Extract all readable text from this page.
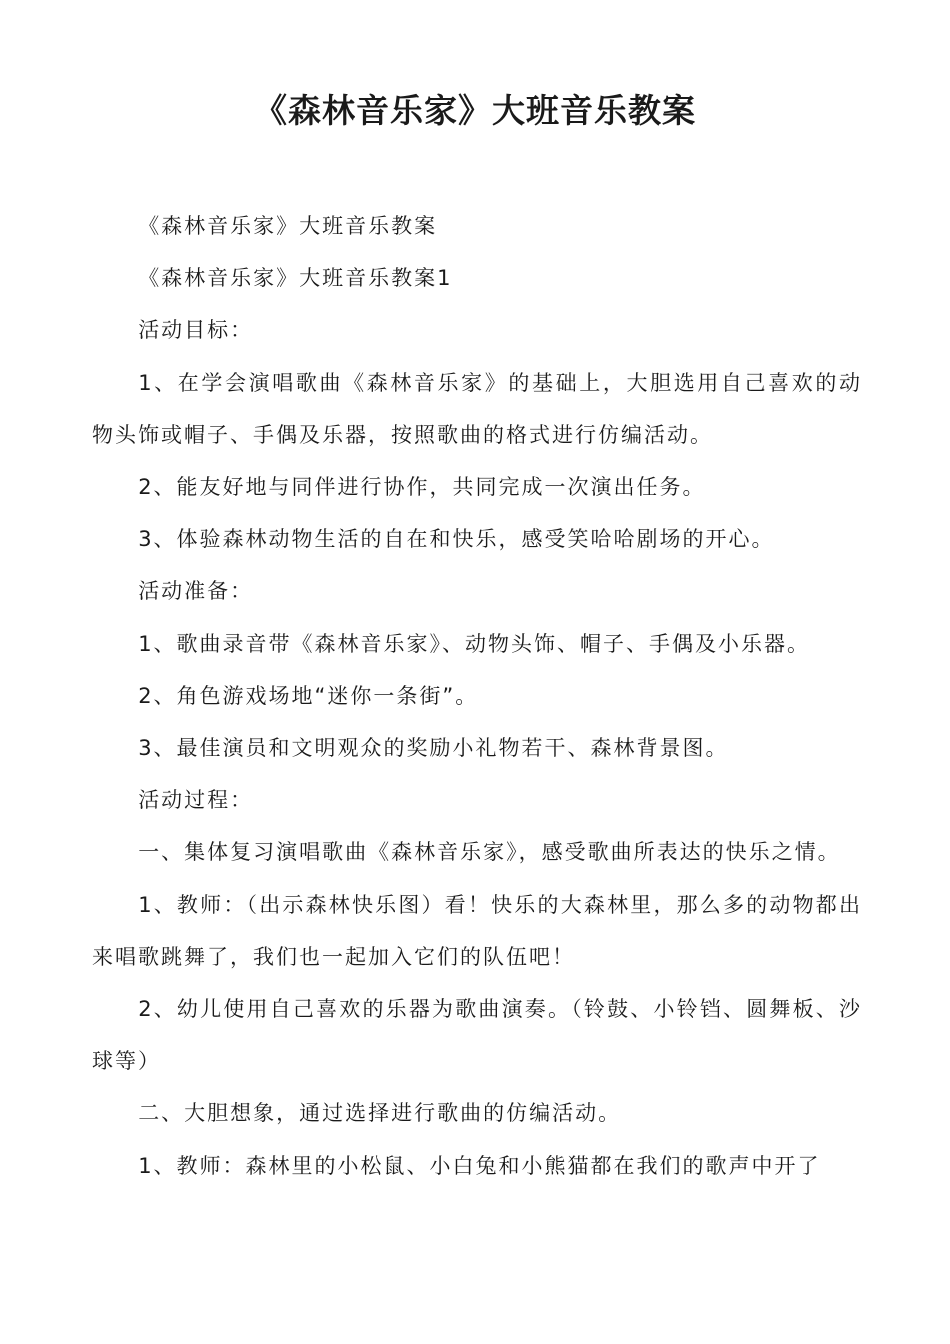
《森林音乐家》大班音乐教案

《森林音乐家》大班音乐教案

《森林音乐家》大班音乐教案1

活动目标：

1、在学会演唱歌曲《森林音乐家》的基础上，大胆选用自己喜欢的动物头饰或帽子、手偶及乐器，按照歌曲的格式进行仿编活动。

2、能友好地与同伴进行协作，共同完成一次演出任务。

3、体验森林动物生活的自在和快乐，感受笑哈哈剧场的开心。

活动准备：

1、歌曲录音带《森林音乐家》、动物头饰、帽子、手偶及小乐器。

2、角色游戏场地“迷你一条街”。

3、最佳演员和文明观众的奖励小礼物若干、森林背景图。

活动过程：

一、集体复习演唱歌曲《森林音乐家》，感受歌曲所表达的快乐之情。

1、教师：（出示森林快乐图）看！快乐的大森林里，那么多的动物都出来唱歌跳舞了，我们也一起加入它们的队伍吧！

2、幼儿使用自己喜欢的乐器为歌曲演奏。（铃鼓、小铃铛、圆舞板、沙球等）

二、大胆想象，通过选择进行歌曲的仿编活动。

1、教师：森林里的小松鼠、小白兔和小熊猫都在我们的歌声中开了
